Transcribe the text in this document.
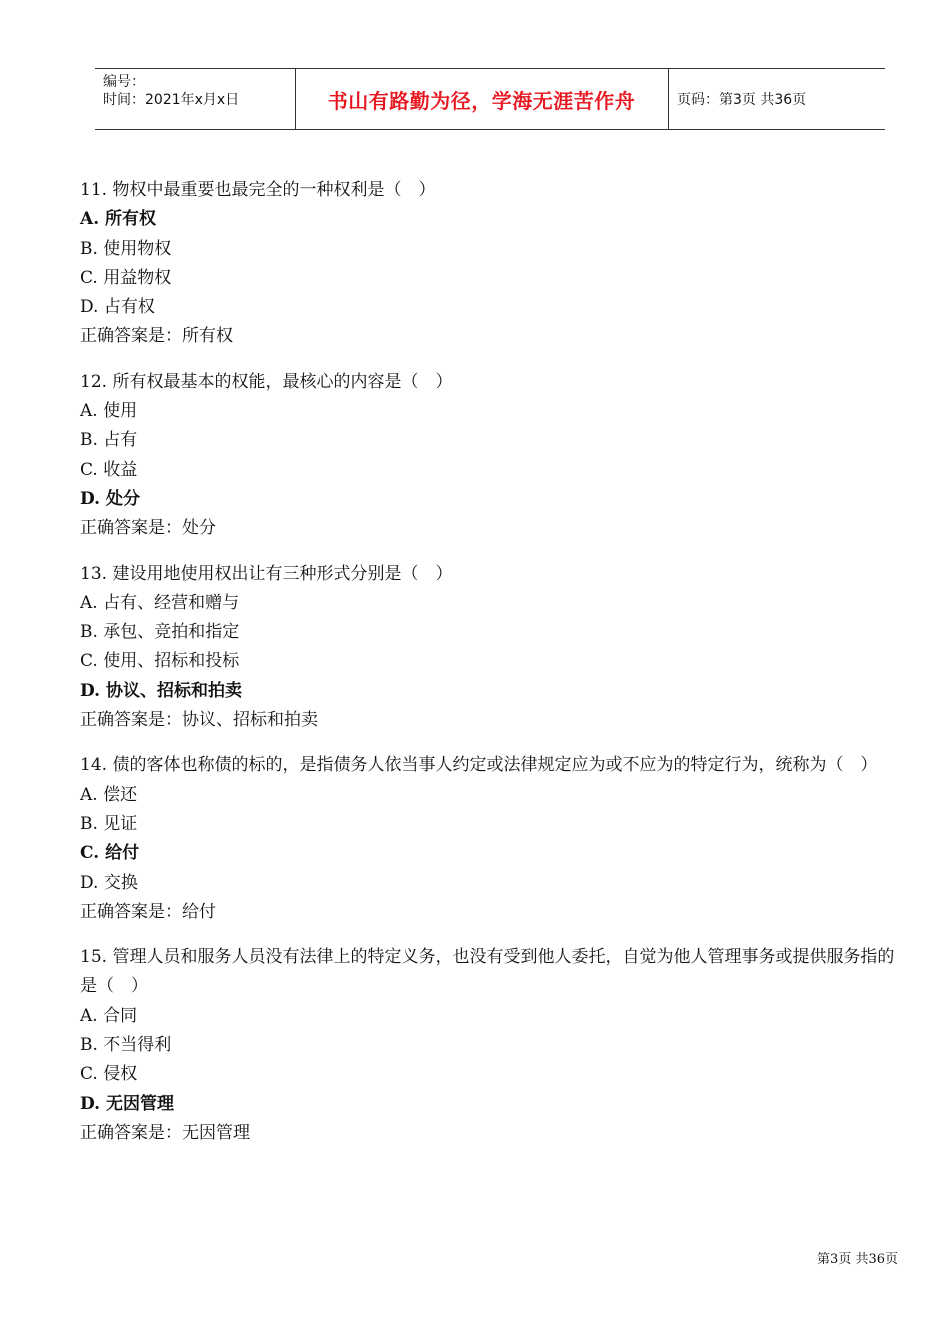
编号：
时间：2021年x月x日	书山有路勤为径，学海无涯苦作舟	页码：第3页 共36页
11. 物权中最重要也最完全的一种权利是（　）
A. 所有权
B. 使用物权
C. 用益物权
D. 占有权
正确答案是：所有权
12. 所有权最基本的权能，最核心的内容是（　）
A. 使用
B. 占有
C. 收益
D. 处分
正确答案是：处分
13. 建设用地使用权出让有三种形式分别是（　）
A. 占有、经营和赠与
B. 承包、竞拍和指定
C. 使用、招标和投标
D. 协议、招标和拍卖
正确答案是：协议、招标和拍卖
14. 债的客体也称债的标的，是指债务人依当事人约定或法律规定应为或不应为的特定行为，统称为（　）
A. 偿还
B. 见证
C. 给付
D. 交换
正确答案是：给付
15. 管理人员和服务人员没有法律上的特定义务，也没有受到他人委托，自觉为他人管理事务或提供服务指的是（　）
A. 合同
B. 不当得利
C. 侵权
D. 无因管理
正确答案是：无因管理
第3页 共36页
